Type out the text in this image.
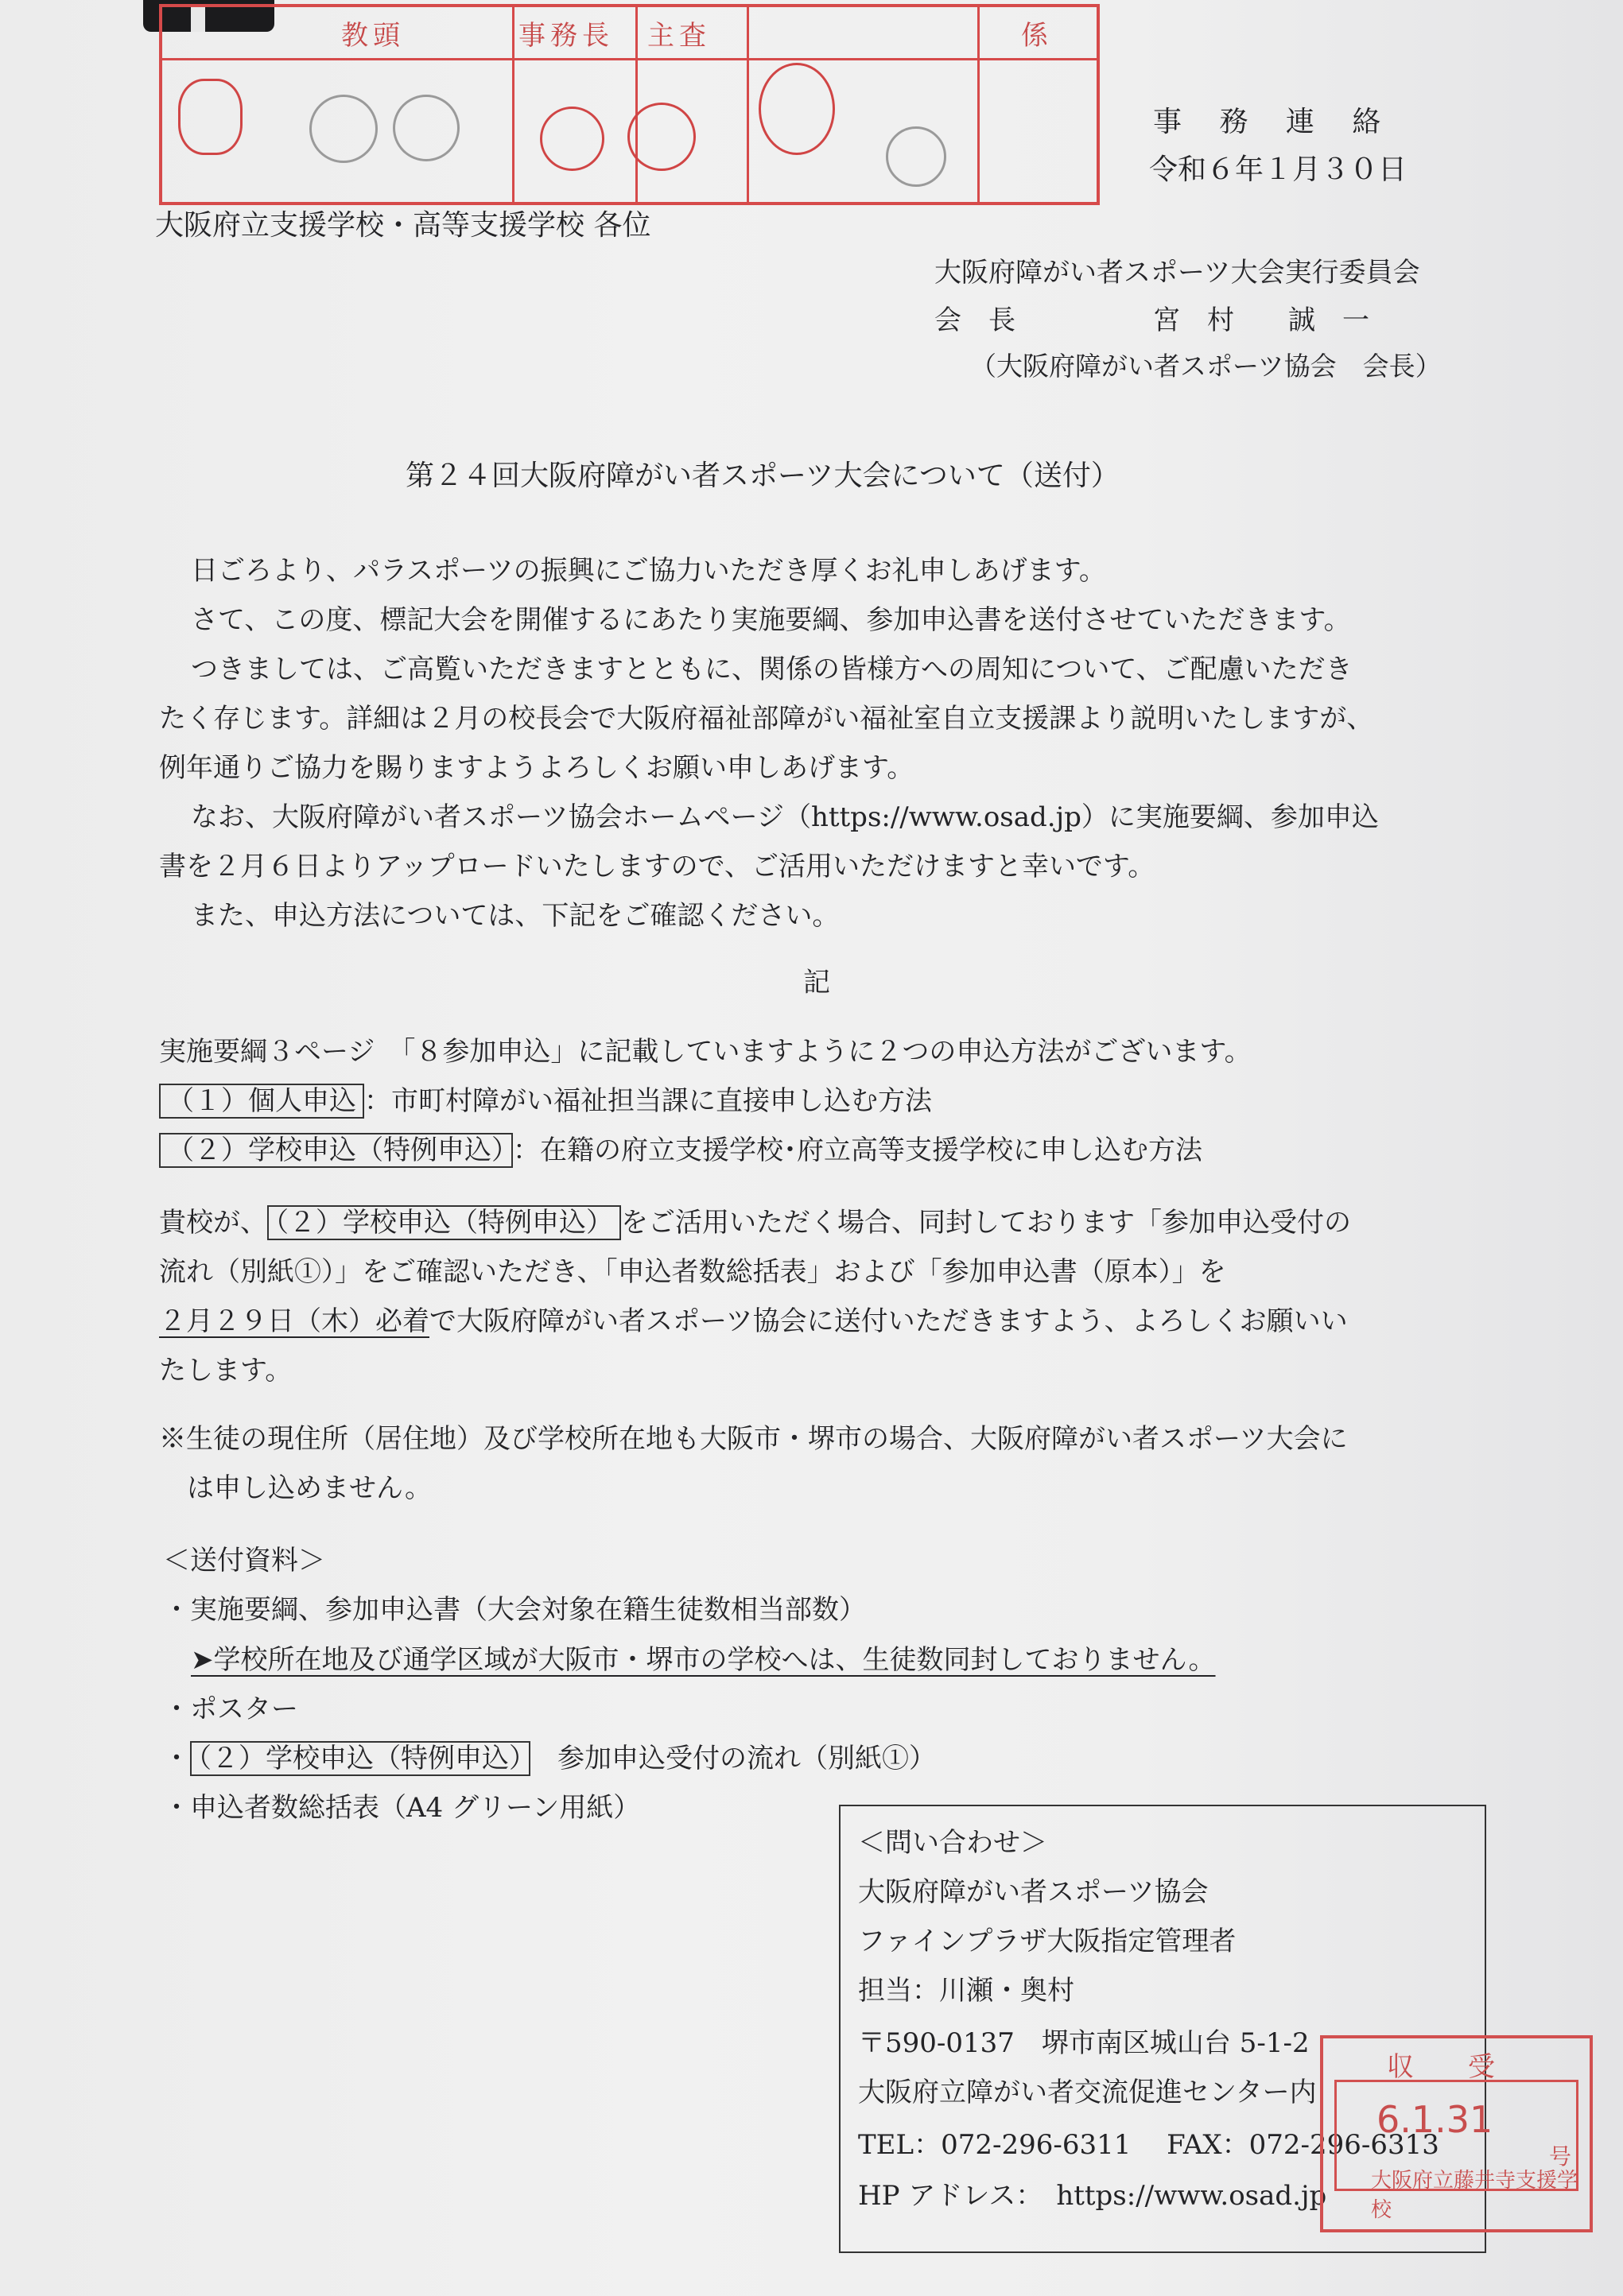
教頭	事務長 主査	係
事 務 連 絡
令和６年１月３０日
大阪府立支援学校・高等支援学校 各位
大阪府障がい者スポーツ大会実行委員会
会　長	宮　村　　誠　一
（大阪府障がい者スポーツ協会　会長）
第２４回大阪府障がい者スポーツ大会について（送付）
日ごろより、パラスポーツの振興にご協力いただき厚くお礼申しあげます。
さて、この度、標記大会を開催するにあたり実施要綱、参加申込書を送付させていただきます。
つきましては、ご高覧いただきますとともに、関係の皆様方への周知について、ご配慮いただき
たく存じます。詳細は２月の校長会で大阪府福祉部障がい福祉室自立支援課より説明いたしますが、
例年通りご協力を賜りますようよろしくお願い申しあげます。
なお、大阪府障がい者スポーツ協会ホームページ（https://www.osad.jp）に実施要綱、参加申込
書を２月６日よりアップロードいたしますので、ご活用いただけますと幸いです。
また、申込方法については、下記をご確認ください。
記
実施要綱３ページ　「８参加申込」に記載していますように２つの申込方法がございます。
（１）個人申込 ：市町村障がい福祉担当課に直接申し込む方法
（２）学校申込（特例申込） ：在籍の府立支援学校･府立高等支援学校に申し込む方法
貴校が、 （２）学校申込（特例申込） をご活用いただく場合、同封しております「参加申込受付の
流れ（別紙①）」をご確認いただき、「申込者数総括表」および「参加申込書（原本）」を
２月２９日（木）必着で大阪府障がい者スポーツ協会に送付いただきますよう、よろしくお願いい
たします。
※生徒の現住所（居住地）及び学校所在地も大阪市・堺市の場合、大阪府障がい者スポーツ大会に
は申し込めません。
＜送付資料＞
・実施要綱、参加申込書（大会対象在籍生徒数相当部数）
➤学校所在地及び通学区域が大阪市・堺市の学校へは、生徒数同封しておりません。
・ポスター
・ （２）学校申込（特例申込）　 参加申込受付の流れ（別紙①）
・申込者数総括表（A4 グリーン用紙）
＜問い合わせ＞
大阪府障がい者スポーツ協会
ファインプラザ大阪指定管理者
担当：川瀬・奥村
〒590-0137　堺市南区城山台 5-1-2
大阪府立障がい者交流促進センター内
TEL：072-296-6311　 FAX：072-296-6313
HP アドレス：　https://www.osad.jp
収　　受
6.1.31
号
大阪府立藤井寺支援学校
